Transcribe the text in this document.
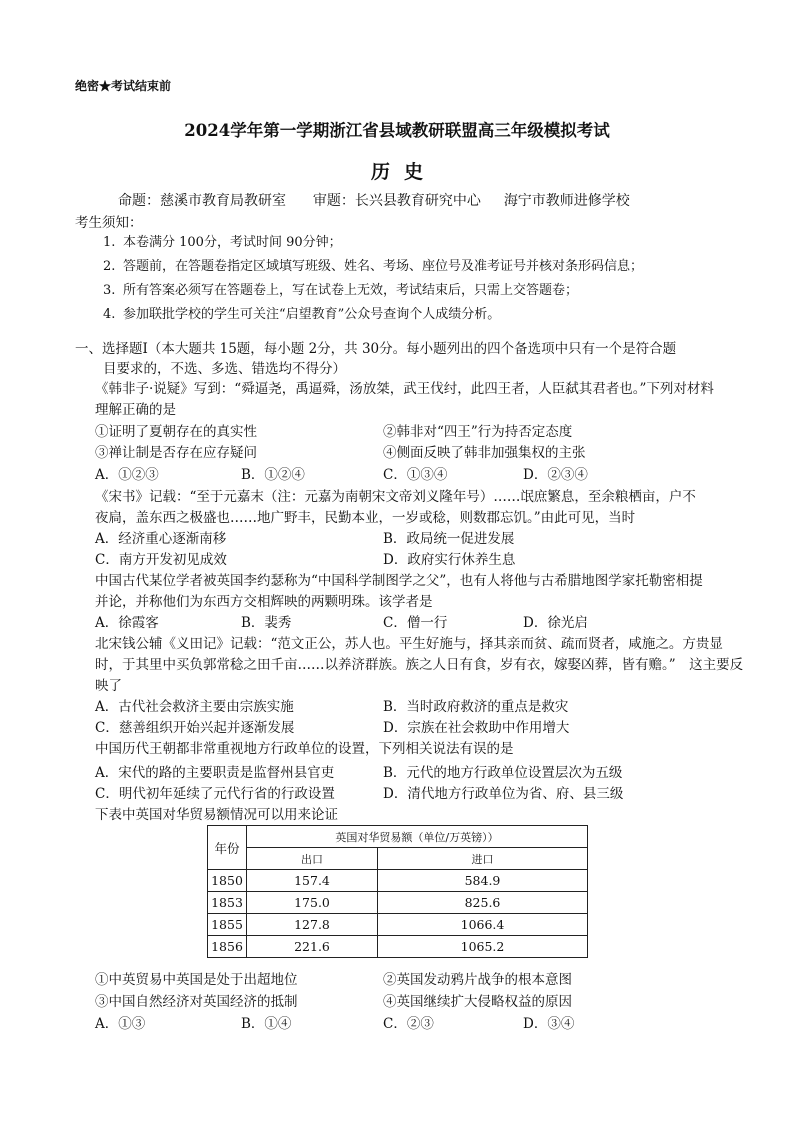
绝密★考试结束前
2024学年第一学期浙江省县域教研联盟高三年级模拟考试
历史
命题：慈溪市教育局教研室 审题：长兴县教育研究中心 海宁市教师进修学校
考生须知：
1. 本卷满分 100分，考试时间 90分钟；
2. 答题前，在答题卷指定区域填写班级、姓名、考场、座位号及准考证号并核对条形码信息；
3. 所有答案必须写在答题卷上，写在试卷上无效，考试结束后，只需上交答题卷；
4. 参加联批学校的学生可关注“启望教育”公众号查询个人成绩分析。
一、选择题Ⅰ（本大题共 15题，每小题 2分，共 30分。每小题列出的四个备选项中只有一个是符合题
目要求的，不选、多选、错选均不得分）
《韩非子·说疑》写到：“舜逼尧，禹逼舜，汤放桀，武王伐纣，此四王者，人臣弑其君者也。”下列对材料
理解正确的是
①证明了夏朝存在的真实性	②韩非对“四王”行为持否定态度
③禅让制是否存在应存疑问	④侧面反映了韩非加强集权的主张
A．①②③	B．①②④	C．①③④	D．②③④
《宋书》记载：“至于元嘉末（注：元嘉为南朝宋文帝刘义隆年号）……氓庶繁息，至余粮栖亩，户不
夜扃，盖东西之极盛也……地广野丰，民勤本业，一岁或稔，则数郡忘饥。”由此可见，当时
A．经济重心逐渐南移	B．政局统一促进发展
C．南方开发初见成效	D．政府实行休养生息
中国古代某位学者被英国李约瑟称为“中国科学制图学之父”，也有人将他与古希腊地图学家托勒密相提
并论，并称他们为东西方交相辉映的两颗明珠。该学者是
A．徐霞客	B．裴秀	C．僧一行	D．徐光启
北宋钱公辅《义田记》记载：“范文正公，苏人也。平生好施与，择其亲而贫、疏而贤者，咸施之。方贵显
时，于其里中买负郭常稔之田千亩……以养济群族。族之人日有食，岁有衣，嫁娶凶葬，皆有赡。”　这主要反
映了
A．古代社会救济主要由宗族实施	B．当时政府救济的重点是救灾
C．慈善组织开始兴起并逐渐发展	D．宗族在社会救助中作用增大
中国历代王朝都非常重视地方行政单位的设置，下列相关说法有误的是
A．宋代的路的主要职责是监督州县官吏	B．元代的地方行政单位设置层次为五级
C．明代初年延续了元代行省的行政设置	D．清代地方行政单位为省、府、县三级
下表中英国对华贸易额情况可以用来论证
年份	英国对华贸易额（单位/万英镑））	
	出口	进口
1850	157.4	584.9
1853	175.0	825.6
1855	127.8	1066.4
1856	221.6	1065.2
①中英贸易中英国是处于出超地位	②英国发动鸦片战争的根本意图
③中国自然经济对英国经济的抵制	④英国继续扩大侵略权益的原因
A．①③	B．①④	C．②③	D．③④
